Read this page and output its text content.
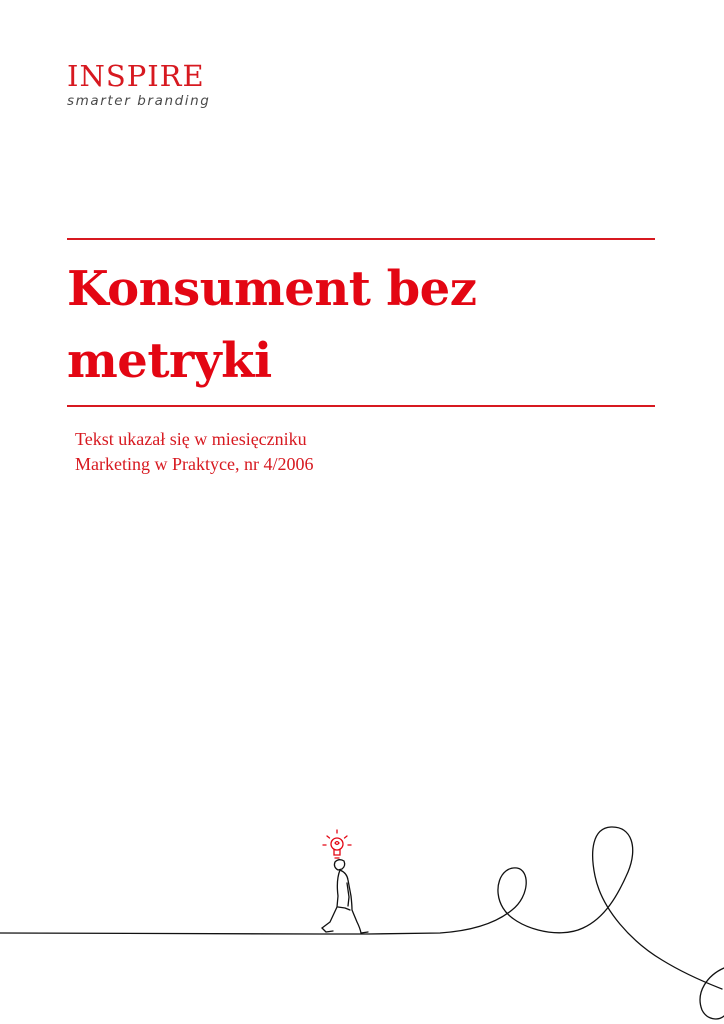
INSPIRE
smarter branding
Konsument bez
metryki
Tekst ukazał się w miesięczniku
Marketing w Praktyce, nr 4/2006
